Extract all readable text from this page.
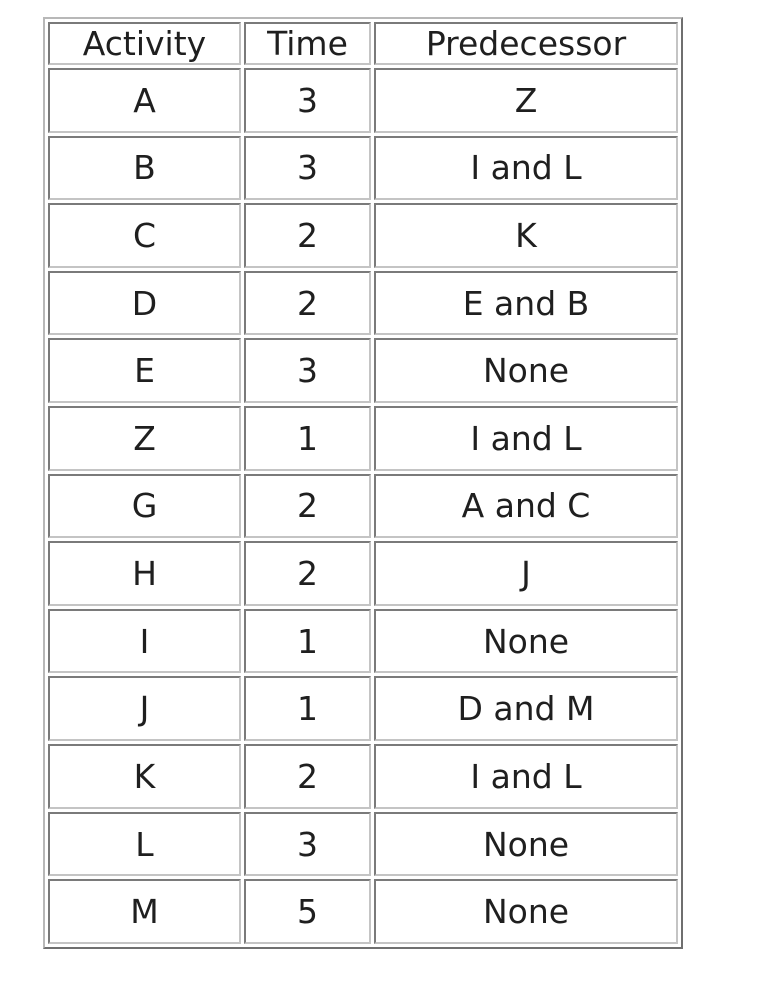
Activity	Time	Predecessor
A	3	Z
B	3	I and L
C	2	K
D	2	E and B
E	3	None
Z	1	I and L
G	2	A and C
H	2	J
I	1	None
J	1	D and M
K	2	I and L
L	3	None
M	5	None
